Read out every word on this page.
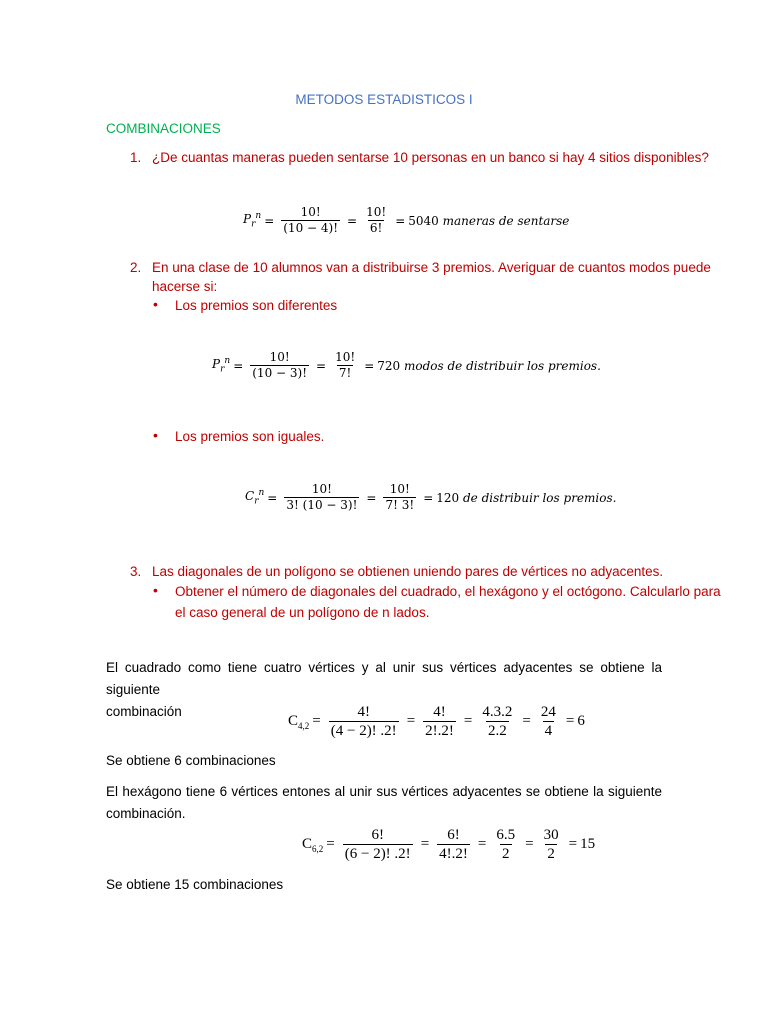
METODOS ESTADISTICOS I
COMBINACIONES
1. ¿De cuantas maneras pueden sentarse 10 personas en un banco si hay 4 sitios disponibles?
$P_r^n = \frac{10!}{(10 - 4)!} = \frac{10!}{6!} = 5040$
maneras de sentarse
2. En una clase de 10 alumnos van a distribuirse 3 premios. Averiguar de cuantos modos puede
hacerse si:
• Los premios son diferentes
$P_r^n = \frac{10!}{(10 - 3)!} = \frac{10!}{7!} = 720$
modos de distribuir los premios.
• Los premios son iguales.
$C_r^n = \frac{10!}{3! (10 - 3)!} = \frac{10!}{7! 3!} = 120$
de distribuir los premios.
3. Las diagonales de un polígono se obtienen uniendo pares de vértices no adyacentes.
• Obtener el número de diagonales del cuadrado, el hexágono y el octógono. Calcularlo para
el caso general de un polígono de n lados.
El cuadrado como tiene cuatro vértices y al unir sus vértices adyacentes se obtiene la siguiente
combinación
$C_{4,2} = \frac{4!}{(4 - 2)! .2!} = \frac{4!}{2!.2!} = \frac{4.3.2}{2.2} = \frac{24}{4} = 6$
Se obtiene 6 combinaciones
El hexágono tiene 6 vértices entones al unir sus vértices adyacentes se obtiene la siguiente
combinación.
$C_{6,2} = \frac{6!}{(6 - 2)! .2!} = \frac{6!}{4!.2!} = \frac{6.5}{2} = \frac{30}{2} = 15$
Se obtiene 15 combinaciones
